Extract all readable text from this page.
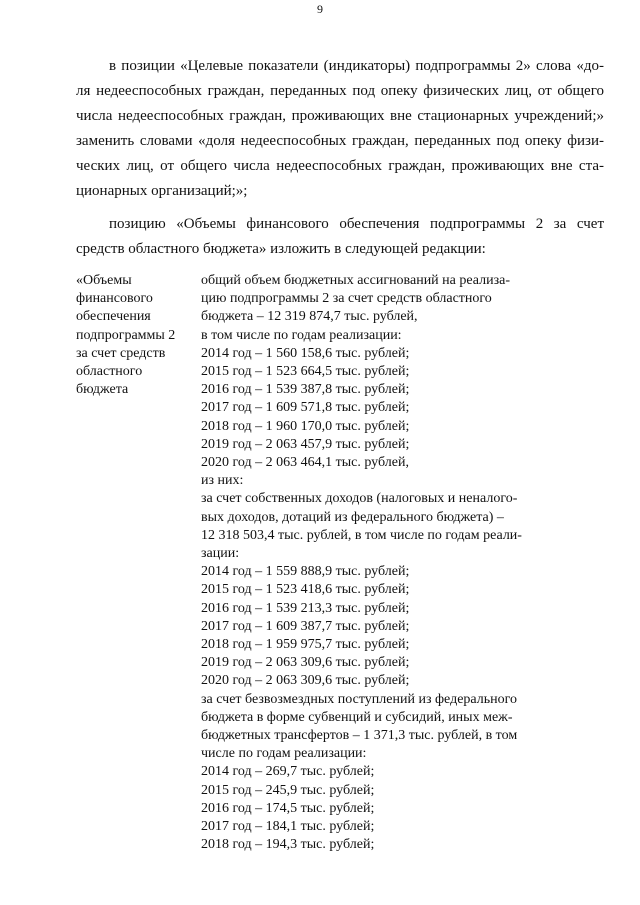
9
в позиции «Целевые показатели (индикаторы) подпрограммы 2» слова «до-
ля недееспособных граждан, переданных под опеку физических лиц, от общего
числа недееспособных граждан, проживающих вне стационарных учреждений;»
заменить словами «доля недееспособных граждан, переданных под опеку физи-
ческих лиц, от общего числа недееспособных граждан, проживающих вне ста-
ционарных организаций;»;
позицию «Объемы финансового обеспечения подпрограммы 2 за счет
средств областного бюджета» изложить в следующей редакции:
«Объемы
финансового
обеспечения
подпрограммы 2
за счет средств
областного
бюджета
общий объем бюджетных ассигнований на реализа-
цию подпрограммы 2 за счет средств областного
бюджета – 12 319 874,7 тыс. рублей,
в том числе по годам реализации:
2014 год – 1 560 158,6 тыс. рублей;
2015 год – 1 523 664,5 тыс. рублей;
2016 год – 1 539 387,8 тыс. рублей;
2017 год – 1 609 571,8 тыс. рублей;
2018 год – 1 960 170,0 тыс. рублей;
2019 год – 2 063 457,9 тыс. рублей;
2020 год – 2 063 464,1 тыс. рублей,
из них:
за счет собственных доходов (налоговых и неналого-
вых доходов, дотаций из федерального бюджета) –
12 318 503,4 тыс. рублей, в том числе по годам реали-
зации:
2014 год – 1 559 888,9 тыс. рублей;
2015 год – 1 523 418,6 тыс. рублей;
2016 год – 1 539 213,3 тыс. рублей;
2017 год – 1 609 387,7 тыс. рублей;
2018 год – 1 959 975,7 тыс. рублей;
2019 год – 2 063 309,6 тыс. рублей;
2020 год – 2 063 309,6 тыс. рублей;
за счет безвозмездных поступлений из федерального
бюджета в форме субвенций и субсидий, иных меж-
бюджетных трансфертов – 1 371,3 тыс. рублей, в том
числе по годам реализации:
2014 год – 269,7 тыс. рублей;
2015 год – 245,9 тыс. рублей;
2016 год – 174,5 тыс. рублей;
2017 год – 184,1 тыс. рублей;
2018 год – 194,3 тыс. рублей;
